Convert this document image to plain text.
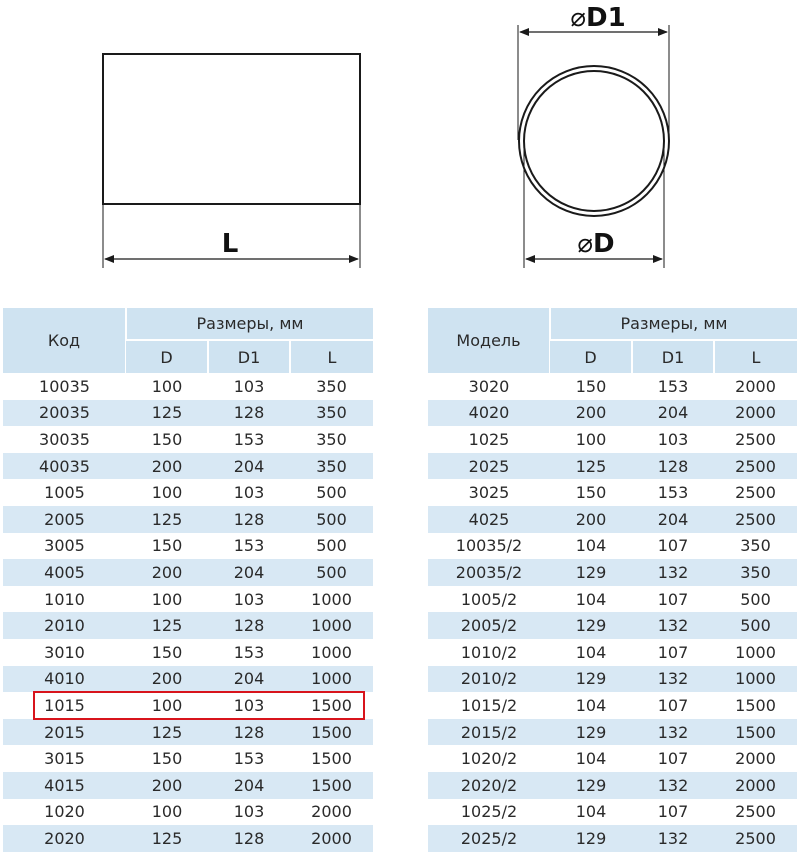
L
⌀D1
⌀D
Код	Размеры, мм		
	D	D1	L
10035	100	103	350
20035	125	128	350
30035	150	153	350
40035	200	204	350
1005	100	103	500
2005	125	128	500
3005	150	153	500
4005	200	204	500
1010	100	103	1000
2010	125	128	1000
3010	150	153	1000
4010	200	204	1000
1015	100	103	1500
2015	125	128	1500
3015	150	153	1500
4015	200	204	1500
1020	100	103	2000
2020	125	128	2000
Модель	Размеры, мм		
	D	D1	L
3020	150	153	2000
4020	200	204	2000
1025	100	103	2500
2025	125	128	2500
3025	150	153	2500
4025	200	204	2500
10035/2	104	107	350
20035/2	129	132	350
1005/2	104	107	500
2005/2	129	132	500
1010/2	104	107	1000
2010/2	129	132	1000
1015/2	104	107	1500
2015/2	129	132	1500
1020/2	104	107	2000
2020/2	129	132	2000
1025/2	104	107	2500
2025/2	129	132	2500
